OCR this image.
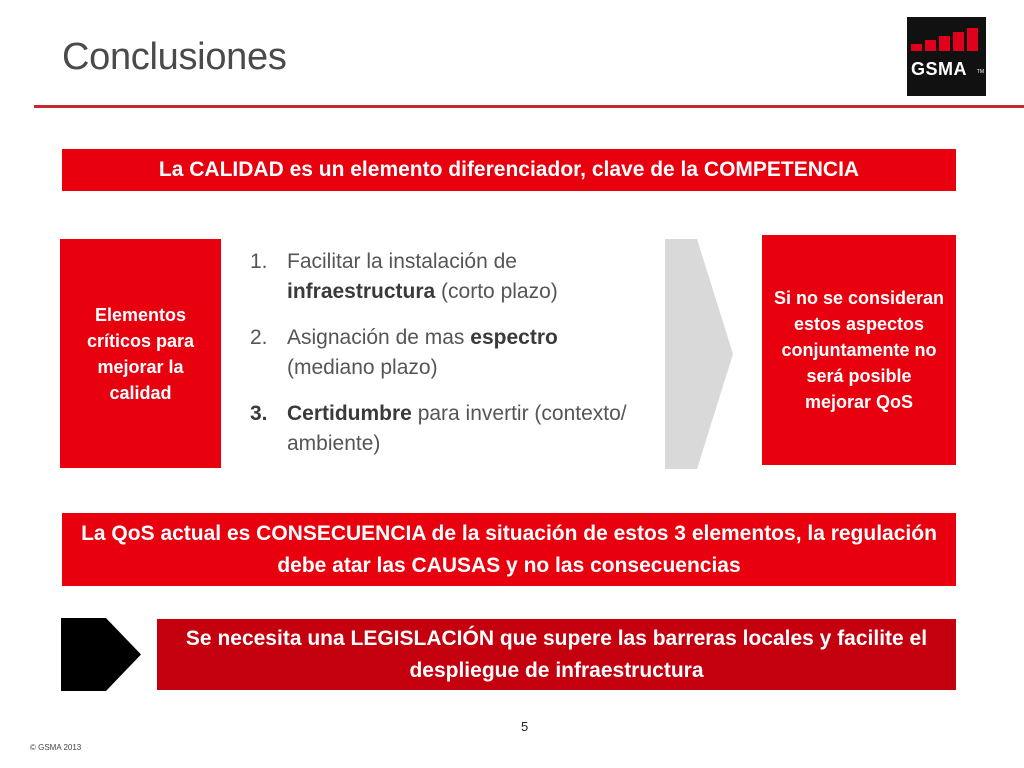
Conclusiones	GSMA TM
La CALIDAD es un elemento diferenciador, clave de la COMPETENCIA
Elementos críticos para mejorar la calidad
1. Facilitar la instalación de infraestructura (corto plazo)
2. Asignación de mas espectro (mediano plazo)
3. Certidumbre para invertir (contexto/ ambiente)
Si no se consideran estos aspectos conjuntamente no será posible mejorar QoS
La QoS actual es CONSECUENCIA de la situación de estos 3 elementos, la regulación debe atar las CAUSAS y no las consecuencias
Se necesita una LEGISLACIÓN que supere las barreras locales y facilite el despliegue de infraestructura
5
© GSMA 2013
